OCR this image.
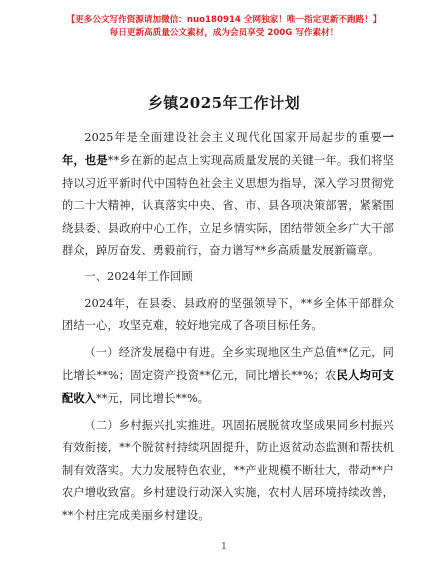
【更多公文写作资源请加微信：nuo180914 全网独家！唯一指定更新不跑路！】
每日更新高质量公文素材，成为会员享受 200G 写作素材！
乡镇2025年工作计划

2025年是全面建设社会主义现代化国家开局起步的重要一年，也是**乡在新的起点上实现高质量发展的关键一年。我们将坚持以习近平新时代中国特色社会主义思想为指导，深入学习贯彻党的二十大精神，认真落实中央、省、市、县各项决策部署，紧紧围绕县委、县政府中心工作，立足乡情实际，团结带领全乡广大干部群众，踔厉奋发、勇毅前行，奋力谱写**乡高质量发展新篇章。

一、2024年工作回顾

2024年，在县委、县政府的坚强领导下，**乡全体干部群众团结一心，攻坚克难，较好地完成了各项目标任务。

（一）经济发展稳中有进。全乡实现地区生产总值**亿元，同比增长**%；固定资产投资**亿元，同比增长**%；农民人均可支配收入**元，同比增长**%。

（二）乡村振兴扎实推进。巩固拓展脱贫攻坚成果同乡村振兴有效衔接，**个脱贫村持续巩固提升，防止返贫动态监测和帮扶机制有效落实。大力发展特色农业，**产业规模不断壮大，带动**户农户增收致富。乡村建设行动深入实施，农村人居环境持续改善，**个村庄完成美丽乡村建设。

1
